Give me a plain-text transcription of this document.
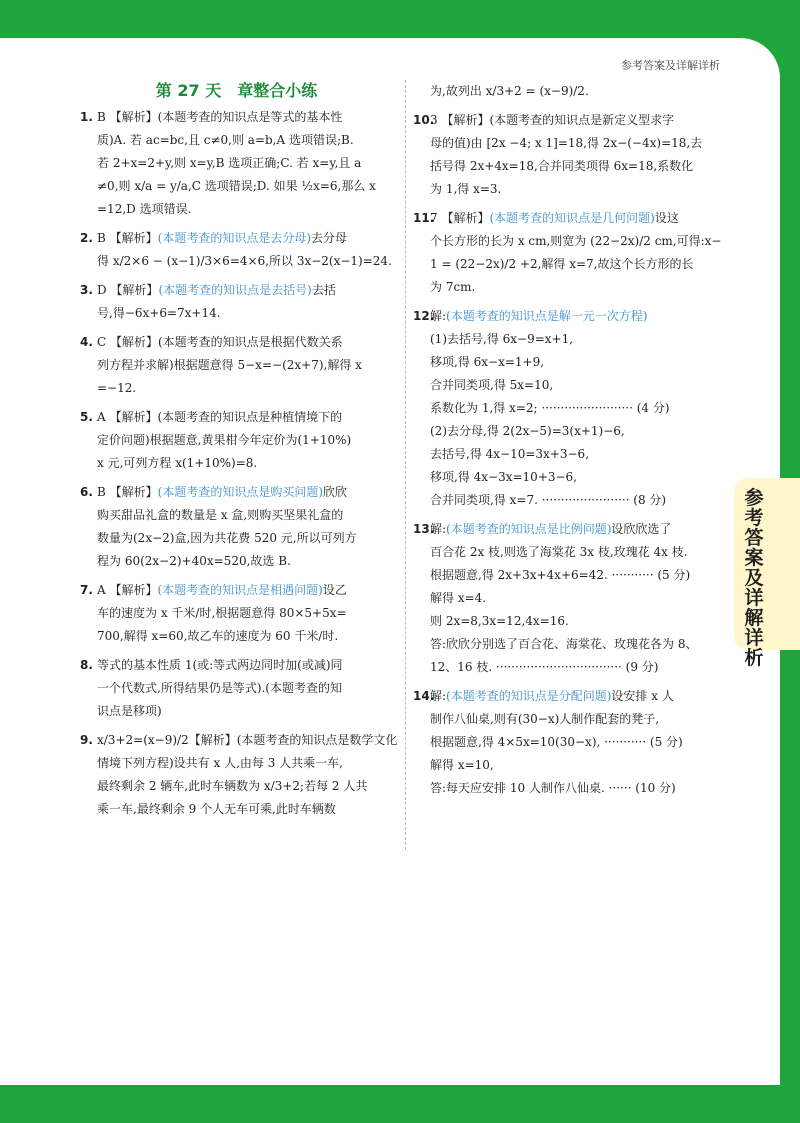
参考答案及详解详析
参考答案及详解详析
第 27 天　章整合小练
1. B 【解析】(本题考查的知识点是等式的基本性
质)A. 若 ac=bc,且 c≠0,则 a=b,A 选项错误;B.
若 2+x=2+y,则 x=y,B 选项正确;C. 若 x=y,且 a
≠0,则 x/a = y/a,C 选项错误;D. 如果 ½x=6,那么 x
=12,D 选项错误.
2. B 【解析】(本题考查的知识点是去分母)去分母
得 x/2×6 − (x−1)/3×6=4×6,所以 3x−2(x−1)=24.
3. D 【解析】(本题考查的知识点是去括号)去括
号,得−6x+6=7x+14.
4. C 【解析】(本题考查的知识点是根据代数关系
列方程并求解)根据题意得 5−x=−(2x+7),解得 x
=−12.
5. A 【解析】(本题考查的知识点是种植情境下的
定价问题)根据题意,黄果柑今年定价为(1+10%)
x 元,可列方程 x(1+10%)=8.
6. B 【解析】(本题考查的知识点是购买问题)欣欣
购买甜品礼盒的数量是 x 盒,则购买坚果礼盒的
数量为(2x−2)盒,因为共花费 520 元,所以可列方
程为 60(2x−2)+40x=520,故选 B.
7. A 【解析】(本题考查的知识点是相遇问题)设乙
车的速度为 x 千米/时,根据题意得 80×5+5x=
700,解得 x=60,故乙车的速度为 60 千米/时.
8. 等式的基本性质 1(或:等式两边同时加(或减)同
一个代数式,所得结果仍是等式).(本题考查的知
识点是移项)
9. x/3+2=(x−9)/2【解析】(本题考查的知识点是数学文化
情境下列方程)设共有 x 人,由每 3 人共乘一车,
最终剩余 2 辆车,此时车辆数为 x/3+2;若每 2 人共
乘一车,最终剩余 9 个人无车可乘,此时车辆数
为,故列出 x/3+2 = (x−9)/2.
10.
3 【解析】(本题考查的知识点是新定义型求字
母的值)由 [2x −4; x 1]=18,得 2x−(−4x)=18,去
括号得 2x+4x=18,合并同类项得 6x=18,系数化
为 1,得 x=3.
11.
7 【解析】(本题考查的知识点是几何问题)设这
个长方形的长为 x cm,则宽为 (22−2x)/2 cm,可得:x−
1 = (22−2x)/2 +2,解得 x=7,故这个长方形的长
为 7cm.
12.
解:(本题考查的知识点是解一元一次方程)
(1)去括号,得 6x−9=x+1,
移项,得 6x−x=1+9,
合并同类项,得 5x=10,
系数化为 1,得 x=2; ························ (4 分)
(2)去分母,得 2(2x−5)=3(x+1)−6,
去括号,得 4x−10=3x+3−6,
移项,得 4x−3x=10+3−6,
合并同类项,得 x=7. ······················· (8 分)
13.
解:(本题考查的知识点是比例问题)设欣欣选了
百合花 2x 枝,则选了海棠花 3x 枝,玫瑰花 4x 枝.
根据题意,得 2x+3x+4x+6=42. ··········· (5 分)
解得 x=4.
则 2x=8,3x=12,4x=16.
答:欣欣分别选了百合花、海棠花、玫瑰花各为 8、
12、16 枝. ································· (9 分)
14.
解:(本题考查的知识点是分配问题)设安排 x 人
制作八仙桌,则有(30−x)人制作配套的凳子,
根据题意,得 4×5x=10(30−x), ··········· (5 分)
解得 x=10,
答:每天应安排 10 人制作八仙桌. ······ (10 分)
